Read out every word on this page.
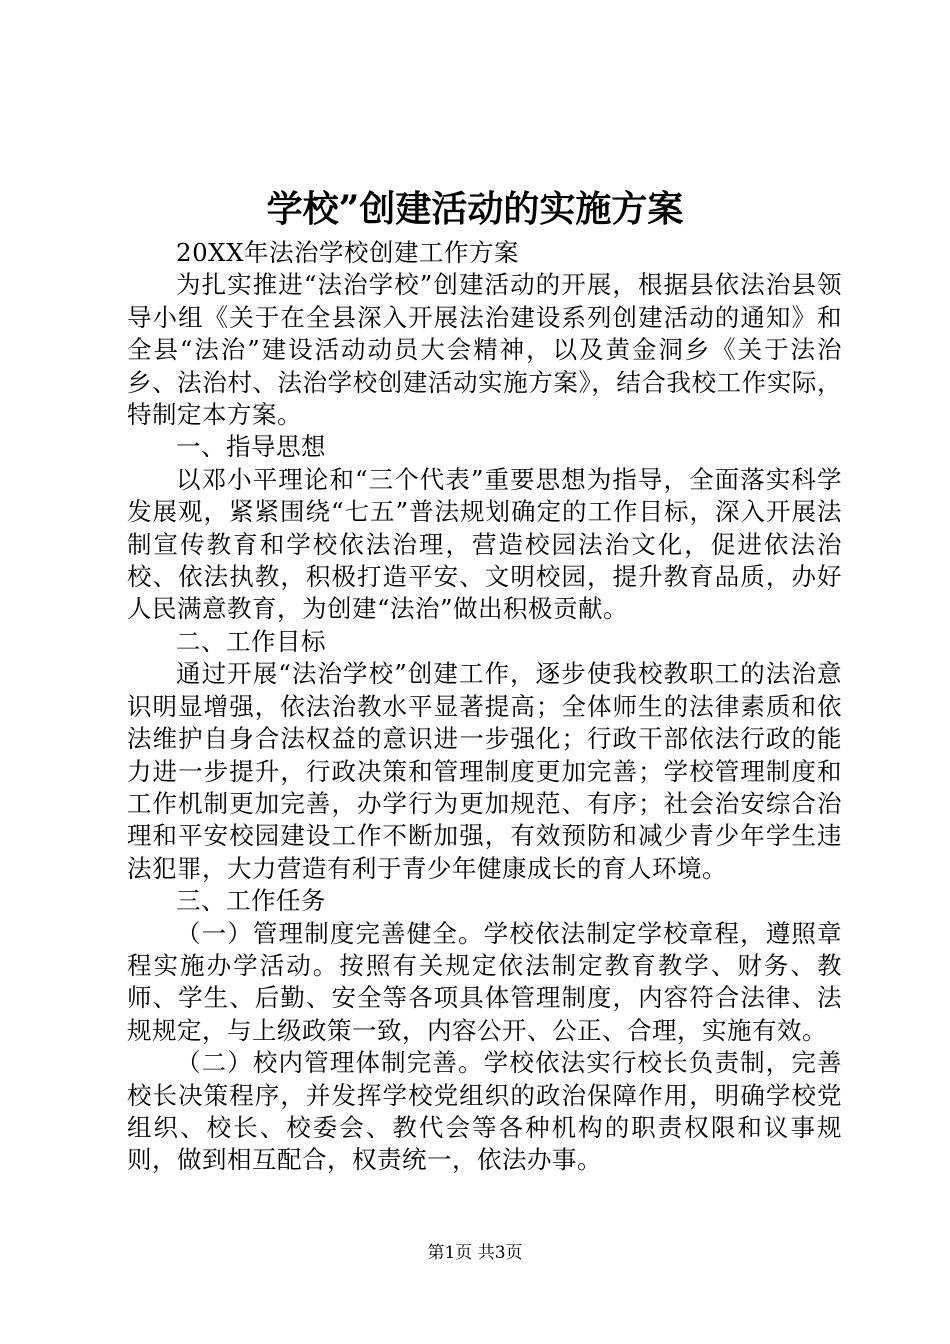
学校”创建活动的实施方案

20XX年法治学校创建工作方案

为扎实推进“法治学校”创建活动的开展，根据县依法治县领导小组《关于在全县深入开展法治建设系列创建活动的通知》和全县“法治”建设活动动员大会精神，以及黄金洞乡《关于法治乡、法治村、法治学校创建活动实施方案》，结合我校工作实际，特制定本方案。

一、指导思想

以邓小平理论和“三个代表”重要思想为指导，全面落实科学发展观，紧紧围绕“七五”普法规划确定的工作目标，深入开展法制宣传教育和学校依法治理，营造校园法治文化，促进依法治校、依法执教，积极打造平安、文明校园，提升教育品质，办好人民满意教育，为创建“法治”做出积极贡献。

二、工作目标

通过开展“法治学校”创建工作，逐步使我校教职工的法治意识明显增强，依法治教水平显著提高；全体师生的法律素质和依法维护自身合法权益的意识进一步强化；行政干部依法行政的能力进一步提升，行政决策和管理制度更加完善；学校管理制度和工作机制更加完善，办学行为更加规范、有序；社会治安综合治理和平安校园建设工作不断加强，有效预防和减少青少年学生违法犯罪，大力营造有利于青少年健康成长的育人环境。

三、工作任务

（一）管理制度完善健全。学校依法制定学校章程，遵照章程实施办学活动。按照有关规定依法制定教育教学、财务、教师、学生、后勤、安全等各项具体管理制度，内容符合法律、法规规定，与上级政策一致，内容公开、公正、合理，实施有效。

（二）校内管理体制完善。学校依法实行校长负责制，完善校长决策程序，并发挥学校党组织的政治保障作用，明确学校党组织、校长、校委会、教代会等各种机构的职责权限和议事规则，做到相互配合，权责统一，依法办事。

第1页 共3页
